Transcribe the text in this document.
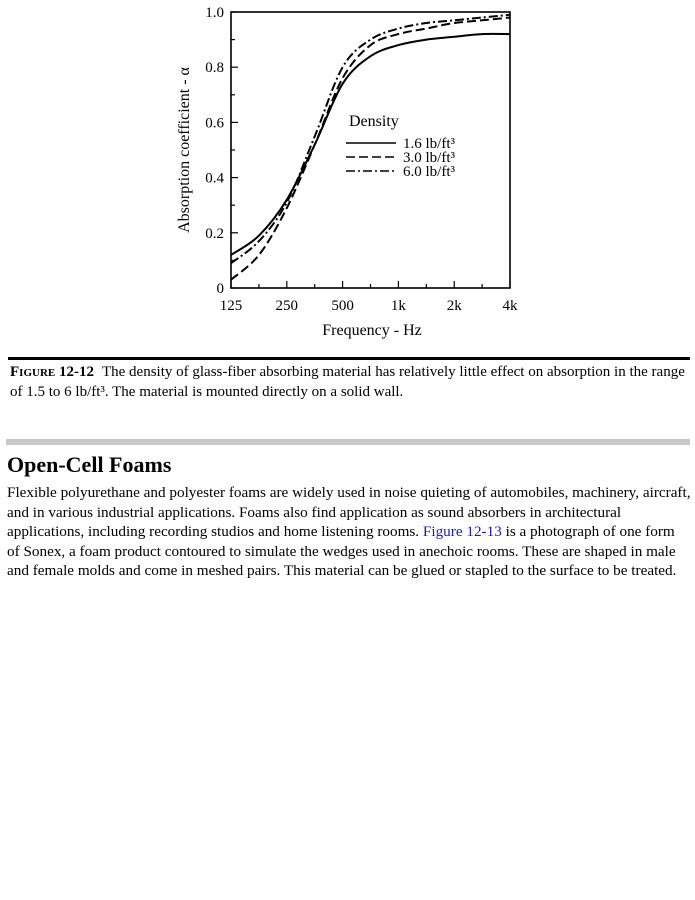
0
0.2
0.4
0.6
0.8
1.0
125 250 500 1k	2k	4k
Frequency - Hz
Absorption coefficient - α	Density
1.6 lb/ft³
3.0 lb/ft³
6.0 lb/ft³
Figure 12-12 The density of glass-fiber absorbing material has relatively little effect on absorption in the range of 1.5 to 6 lb/ft³. The material is mounted directly on a solid wall.
Open-Cell Foams

Flexible polyurethane and polyester foams are widely used in noise quieting of automobiles, machinery, aircraft, and in various industrial applications. Foams also find application as sound absorbers in architectural applications, including recording studios and home listening rooms. Figure 12-13 is a photograph of one form of Sonex, a foam product contoured to simulate the wedges used in anechoic rooms. These are shaped in male and female molds and come in meshed pairs. This material can be glued or stapled to the surface to be treated.
